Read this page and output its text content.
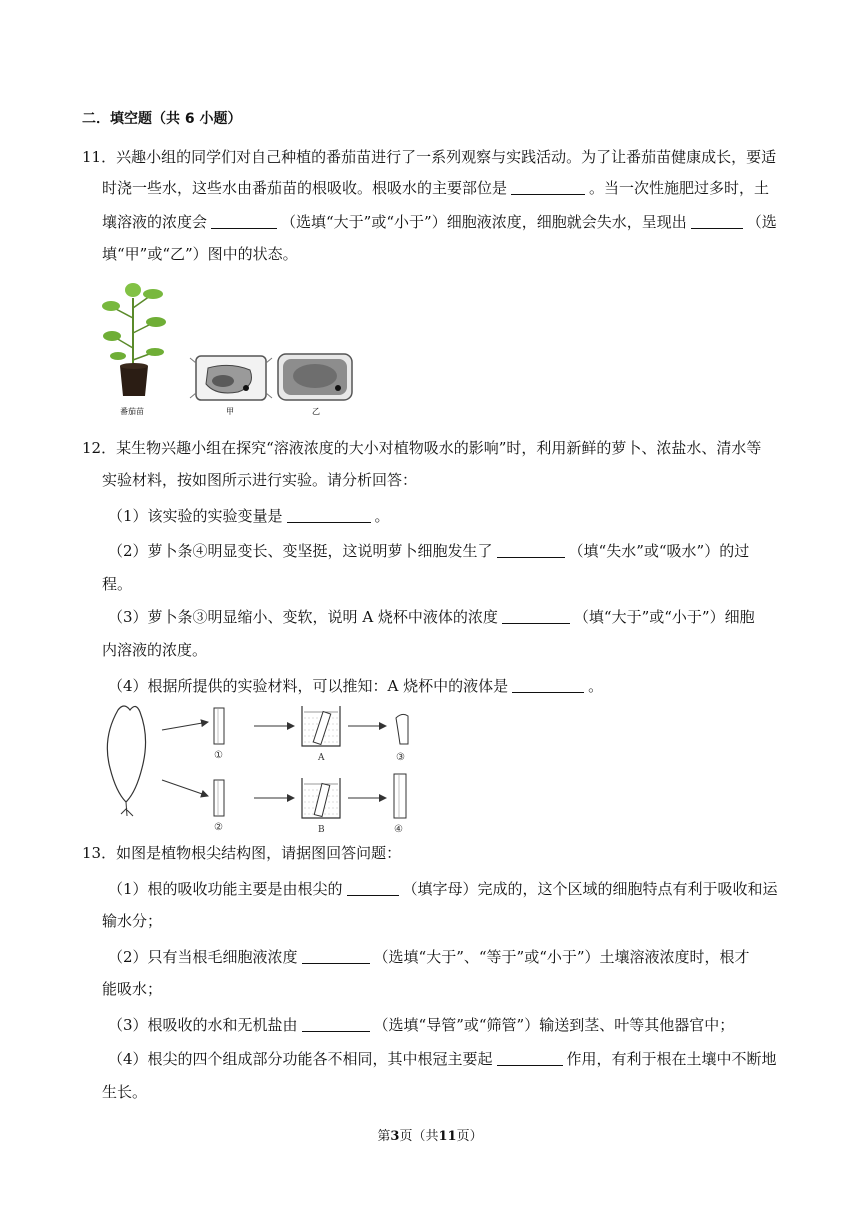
二．填空题（共 6 小题）
11．兴趣小组的同学们对自己种植的番茄苗进行了一系列观察与实践活动。为了让番茄苗健康成长，要适
时浇一些水，这些水由番茄苗的根吸收。根吸水的主要部位是	。当一次性施肥过多时，土
壤溶液的浓度会	（选填“大于”或“小于”）细胞液浓度，细胞就会失水，呈现出	（选
填“甲”或“乙”）图中的状态。
番茄苗	甲	乙
12．某生物兴趣小组在探究“溶液浓度的大小对植物吸水的影响”时，利用新鲜的萝卜、浓盐水、清水等
实验材料，按如图所示进行实验。请分析回答：
（1）该实验的实验变量是	。
（2）萝卜条④明显变长、变坚挺，这说明萝卜细胞发生了	（填“失水”或“吸水”）的过
程。
（3）萝卜条③明显缩小、变软，说明 A 烧杯中液体的浓度	（填“大于”或“小于”）细胞
内溶液的浓度。
（4）根据所提供的实验材料，可以推知：A 烧杯中的液体是	。
①	A	③
②	B	④
13．如图是植物根尖结构图，请据图回答问题：
（1）根的吸收功能主要是由根尖的	（填字母）完成的，这个区域的细胞特点有利于吸收和运
输水分；
（2）只有当根毛细胞液浓度	（选填“大于”、“等于”或“小于”）土壤溶液浓度时，根才
能吸水；
（3）根吸收的水和无机盐由	（选填“导管”或“筛管”）输送到茎、叶等其他器官中；
（4）根尖的四个组成部分功能各不相同，其中根冠主要起	作用，有利于根在土壤中不断地
生长。
第3页（共11页）
